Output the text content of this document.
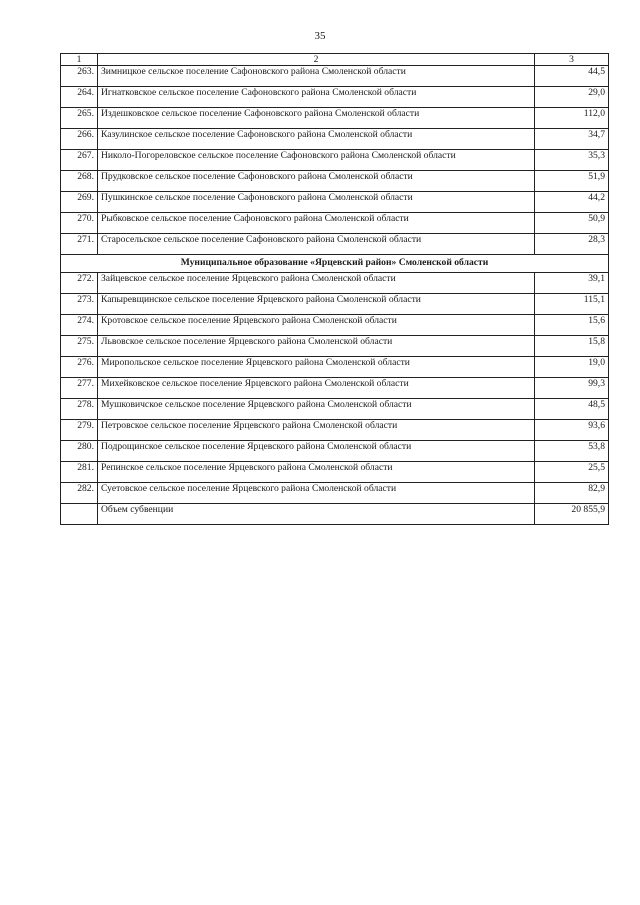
35
1	2	3
263.	Зимницкое сельское поселение Сафоновского района Смоленской области	44,5
264.	Игнатковское сельское поселение Сафоновского района Смоленской области	29,0
265.	Издешковское сельское поселение Сафоновского района Смоленской области	112,0
266.	Казулинское сельское поселение Сафоновского района Смоленской области	34,7
267.	Николо-Погореловское сельское поселение Сафоновского района Смоленской области	35,3
268.	Прудковское сельское поселение Сафоновского района Смоленской области	51,9
269.	Пушкинское сельское поселение Сафоновского района Смоленской области	44,2
270.	Рыбковское сельское поселение Сафоновского района Смоленской области	50,9
271.	Старосельское сельское поселение Сафоновского района Смоленской области	28,3
Муниципальное образование «Ярцевский район» Смоленской области		
272.	Зайцевское сельское поселение Ярцевского района Смоленской области	39,1
273.	Капыревщинское сельское поселение Ярцевского района Смоленской области	115,1
274.	Кротовское сельское поселение Ярцевского района Смоленской области	15,6
275.	Львовское сельское поселение Ярцевского района Смоленской области	15,8
276.	Миропольское сельское поселение Ярцевского района Смоленской области	19,0
277.	Михейковское сельское поселение Ярцевского района Смоленской области	99,3
278.	Мушковичское сельское поселение Ярцевского района Смоленской области	48,5
279.	Петровское сельское поселение Ярцевского района Смоленской области	93,6
280.	Подрощинское сельское поселение Ярцевского района Смоленской области	53,8
281.	Репинское сельское поселение Ярцевского района Смоленской области	25,5
282.	Суетовское сельское поселение Ярцевского района Смоленской области	82,9
	Объем субвенции	20 855,9
